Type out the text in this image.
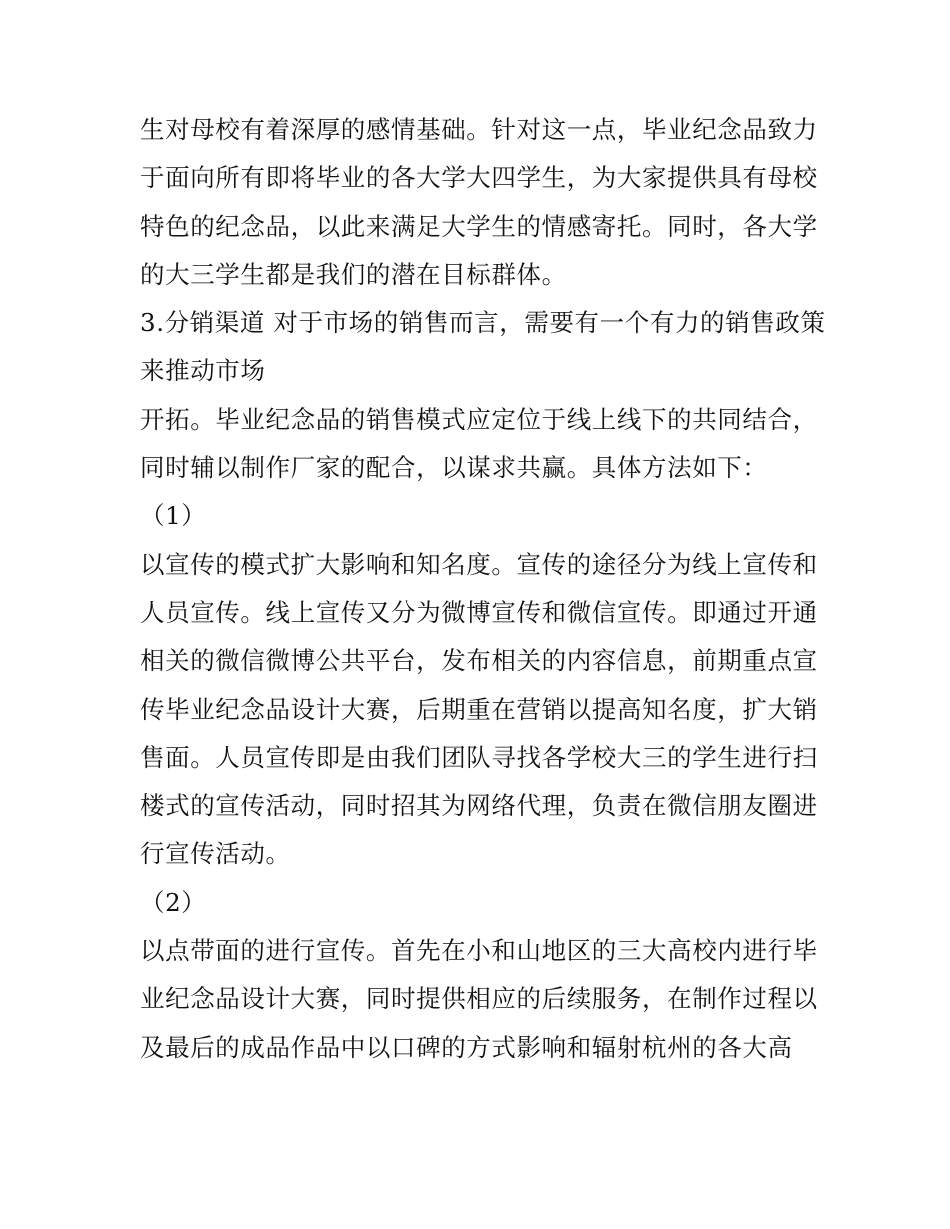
生对母校有着深厚的感情基础。针对这一点，毕业纪念品致力
于面向所有即将毕业的各大学大四学生，为大家提供具有母校
特色的纪念品，以此来满足大学生的情感寄托。同时，各大学
的大三学生都是我们的潜在目标群体。
3.分销渠道 对于市场的销售而言，需要有一个有力的销售政策
来推动市场
开拓。毕业纪念品的销售模式应定位于线上线下的共同结合，
同时辅以制作厂家的配合，以谋求共赢。具体方法如下：
（1）
以宣传的模式扩大影响和知名度。宣传的途径分为线上宣传和
人员宣传。线上宣传又分为微博宣传和微信宣传。即通过开通
相关的微信微博公共平台，发布相关的内容信息，前期重点宣
传毕业纪念品设计大赛，后期重在营销以提高知名度，扩大销
售面。人员宣传即是由我们团队寻找各学校大三的学生进行扫
楼式的宣传活动，同时招其为网络代理，负责在微信朋友圈进
行宣传活动。
（2）
以点带面的进行宣传。首先在小和山地区的三大高校内进行毕
业纪念品设计大赛，同时提供相应的后续服务，在制作过程以
及最后的成品作品中以口碑的方式影响和辐射杭州的各大高
